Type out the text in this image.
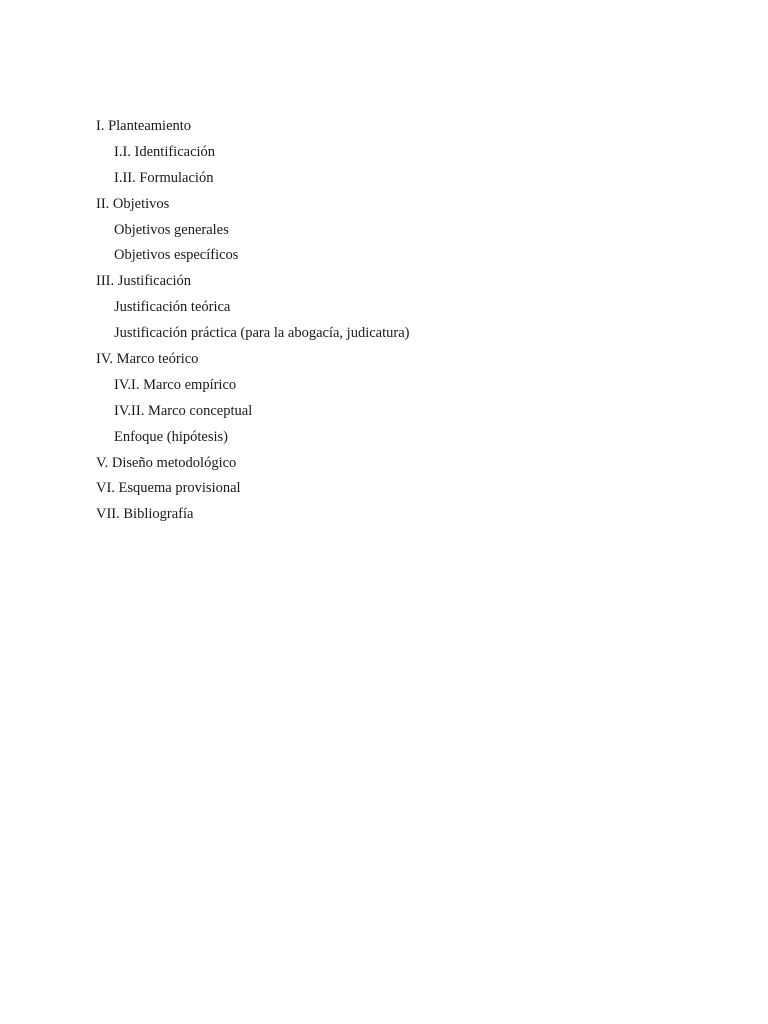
I. Planteamiento
I.I. Identificación
I.II. Formulación
II. Objetivos
Objetivos generales
Objetivos específicos
III. Justificación
Justificación teórica
Justificación práctica (para la abogacía, judicatura)
IV. Marco teórico
IV.I. Marco empírico
IV.II. Marco conceptual
Enfoque (hipótesis)
V. Diseño metodológico
VI. Esquema provisional
VII. Bibliografía
